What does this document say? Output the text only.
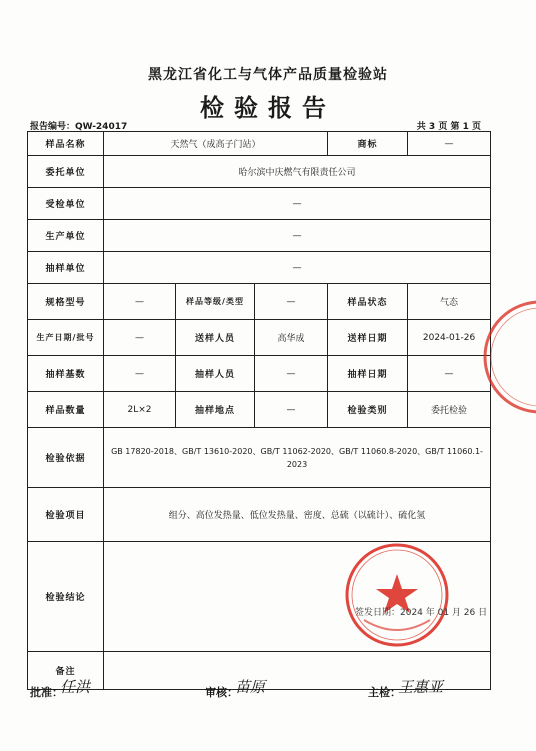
黑龙江省化工与气体产品质量检验站
检验报告
报告编号：QW-24017	共 3 页 第 1 页
样品名称	天然气（成高子门站）			商标	—
委托单位	哈尔滨中庆燃气有限责任公司				
受检单位	—				
生产单位	—				
抽样单位	—				
规格型号	—	样品等级/类型	—	样品状态	气态
生产日期/批号	—	送样人员	高华成	送样日期	2024-01-26
抽样基数	—	抽样人员	—	抽样日期	—
样品数量	2L×2	抽样地点	—	检验类别	委托检验
检验依据	GB 17820-2018、GB/T 13610-2020、GB/T 11062-2020、GB/T 11060.8-2020、GB/T 11060.1-2023				
检验项目	组分、高位发热量、低位发热量、密度、总硫（以硫计）、硫化氢				
检验结论					
备注					
签发日期：2024 年 01 月 26 日
批准：
任洪	审核：
苗原	主检：
王惠亚
